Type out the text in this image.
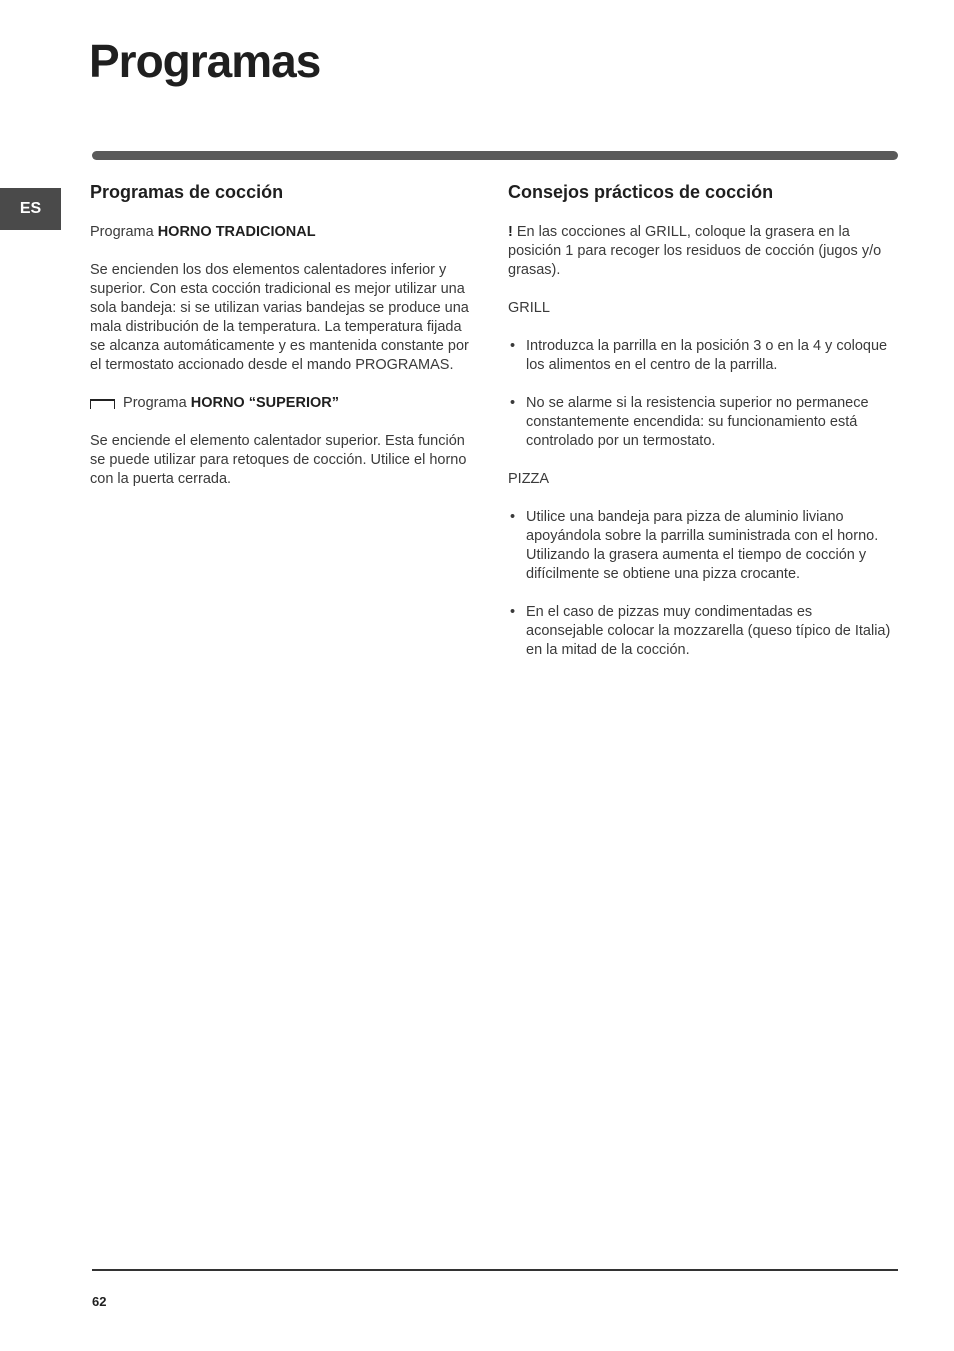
Programas
ES
Programas de cocción

Programa HORNO TRADICIONAL

Se encienden los dos elementos calentadores inferior y superior. Con esta cocción tradicional es mejor utilizar una sola bandeja: si se utilizan varias bandejas se produce una mala distribución de la temperatura. La temperatura fijada se alcanza automáticamente y es mantenida constante por el termostato accionado desde el mando PROGRAMAS.

Programa HORNO “SUPERIOR”

Se enciende el elemento calentador superior. Esta función se puede utilizar para retoques de cocción. Utilice el horno con la puerta cerrada.

Consejos prácticos de cocción

! En las cocciones al GRILL, coloque la grasera en la posición 1 para recoger los residuos de cocción (jugos y/o grasas).

GRILL

• Introduzca la parrilla en la posición 3 o en la 4 y coloque los alimentos en el centro de la parrilla.
• No se alarme si la resistencia superior no permanece constantemente encendida: su funcionamiento está controlado por un termostato.

PIZZA

• Utilice una bandeja para pizza de aluminio liviano apoyándola sobre la parrilla suministrada con el horno.
Utilizando la grasera aumenta el tiempo de cocción y difícilmente se obtiene una pizza crocante.
• En el caso de pizzas muy condimentadas es aconsejable colocar la mozzarella (queso típico de Italia) en la mitad de la cocción.
62
